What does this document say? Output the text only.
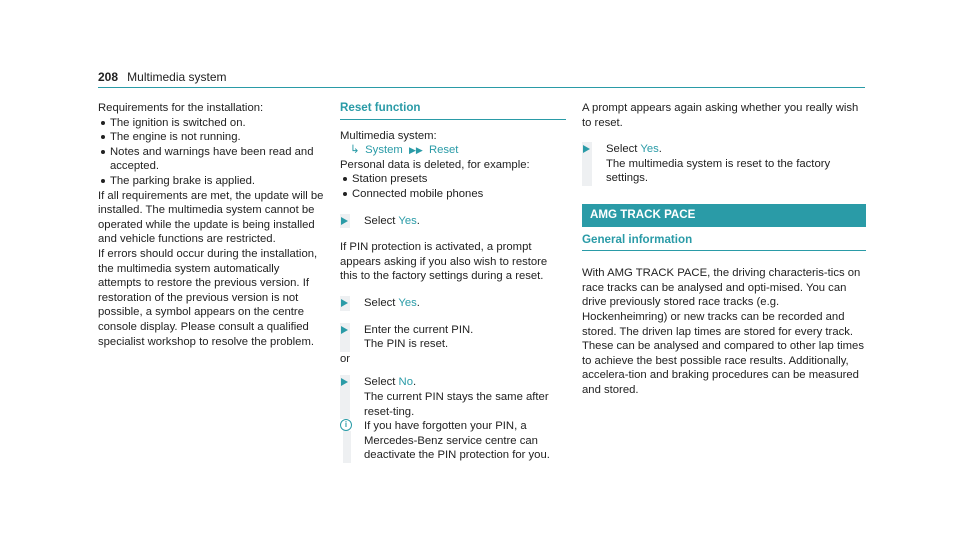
208 Multimedia system

Requirements for the installation:

The ignition is switched on.
The engine is not running.
Notes and warnings have been read and accepted.
The parking brake is applied.

If all requirements are met, the update will be installed. The multimedia system cannot be operated while the update is being installed and vehicle functions are restricted.

If errors should occur during the installation, the multimedia system automatically attempts to restore the previous version. If restoration of the previous version is not possible, a symbol appears on the centre console display. Please consult a qualified specialist workshop to resolve the problem.

Reset function

Multimedia system:

↳ System ▶▶ Reset

Personal data is deleted, for example:

Station presets
Connected mobile phones
Select Yes.

If PIN protection is activated, a prompt appears asking if you also wish to restore this to the factory settings during a reset.

Select Yes.
Enter the current PIN.
The PIN is reset.

or

Select No.
The current PIN stays the same after reset-ting.
i	If you have forgotten your PIN, a Mercedes-Benz service centre can deactivate the PIN protection for you.

A prompt appears again asking whether you really wish to reset.

Select Yes.
The multimedia system is reset to the factory settings.
AMG TRACK PACE
General information

With AMG TRACK PACE, the driving characteris-tics on race tracks can be analysed and opti-mised. You can drive previously stored race tracks (e.g. Hockenheimring) or new tracks can be recorded and stored. The driven lap times are stored for every track. These can be analysed and compared to other lap times to achieve the best possible race results. Additionally, accelera-tion and braking procedures can be measured and stored.
